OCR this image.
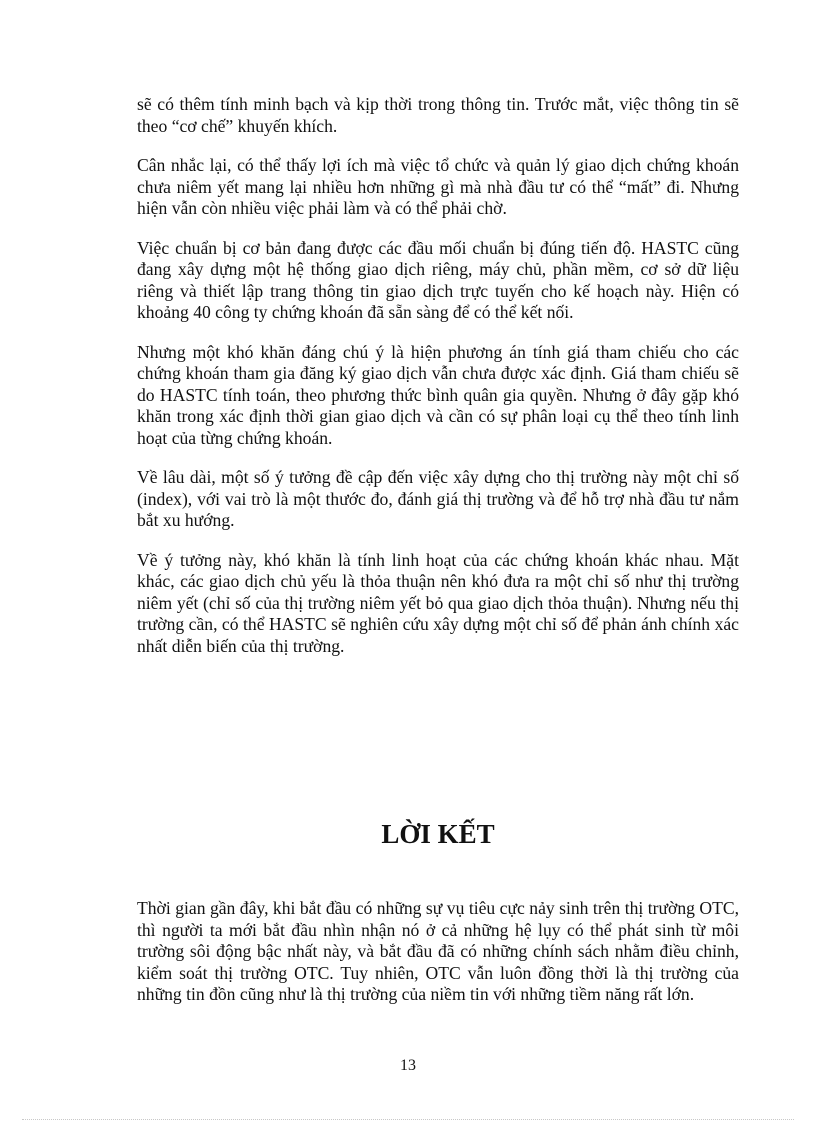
sẽ có thêm tính minh bạch và kịp thời trong thông tin. Trước mắt, việc thông tin sẽ theo “cơ chế” khuyến khích.

Cân nhắc lại, có thể thấy lợi ích mà việc tổ chức và quản lý giao dịch chứng khoán chưa niêm yết mang lại nhiều hơn những gì mà nhà đầu tư có thể “mất” đi. Nhưng hiện vẫn còn nhiều việc phải làm và có thể phải chờ.

Việc chuẩn bị cơ bản đang được các đầu mối chuẩn bị đúng tiến độ. HASTC cũng đang xây dựng một hệ thống giao dịch riêng, máy chủ, phần mềm, cơ sở dữ liệu riêng và thiết lập trang thông tin giao dịch trực tuyến cho kế hoạch này. Hiện có khoảng 40 công ty chứng khoán đã sẵn sàng để có thể kết nối.

Nhưng một khó khăn đáng chú ý là hiện phương án tính giá tham chiếu cho các chứng khoán tham gia đăng ký giao dịch vẫn chưa được xác định. Giá tham chiếu sẽ do HASTC tính toán, theo phương thức bình quân gia quyền. Nhưng ở đây gặp khó khăn trong xác định thời gian giao dịch và cần có sự phân loại cụ thể theo tính linh hoạt của từng chứng khoán.

Về lâu dài, một số ý tưởng đề cập đến việc xây dựng cho thị trường này một chỉ số (index), với vai trò là một thước đo, đánh giá thị trường và để hỗ trợ nhà đầu tư nắm bắt xu hướng.

Về ý tưởng này, khó khăn là tính linh hoạt của các chứng khoán khác nhau. Mặt khác, các giao dịch chủ yếu là thỏa thuận nên khó đưa ra một chỉ số như thị trường niêm yết (chỉ số của thị trường niêm yết bỏ qua giao dịch thỏa thuận). Nhưng nếu thị trường cần, có thể HASTC sẽ nghiên cứu xây dựng một chỉ số để phản ánh chính xác nhất diễn biến của thị trường.

LỜI KẾT

Thời gian gần đây, khi bắt đầu có những sự vụ tiêu cực nảy sinh trên thị trường OTC, thì người ta mới bắt đầu nhìn nhận nó ở cả những hệ lụy có thể phát sinh từ môi trường sôi động bậc nhất này, và bắt đầu đã có những chính sách nhằm điều chỉnh, kiểm soát thị trường OTC. Tuy nhiên, OTC vẫn luôn đồng thời là thị trường của những tin đồn cũng như là thị trường của niềm tin với những tiềm năng rất lớn.

13
